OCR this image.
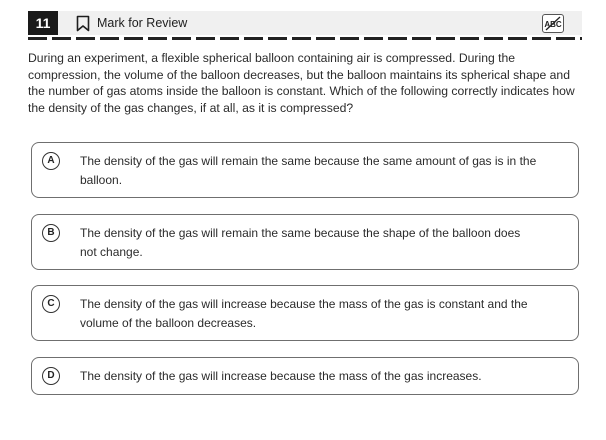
11	Mark for Review	ABC
During an experiment, a flexible spherical balloon containing air is compressed. During the compression, the volume of the balloon decreases, but the balloon maintains its spherical shape and the number of gas atoms inside the balloon is constant. Which of the following correctly indicates how the density of the gas changes, if at all, as it is compressed?
A	The density of the gas will remain the same because the same amount of gas is in the balloon.
B	The density of the gas will remain the same because the shape of the balloon does not change.
C	The density of the gas will increase because the mass of the gas is constant and the volume of the balloon decreases.
D	The density of the gas will increase because the mass of the gas increases.
